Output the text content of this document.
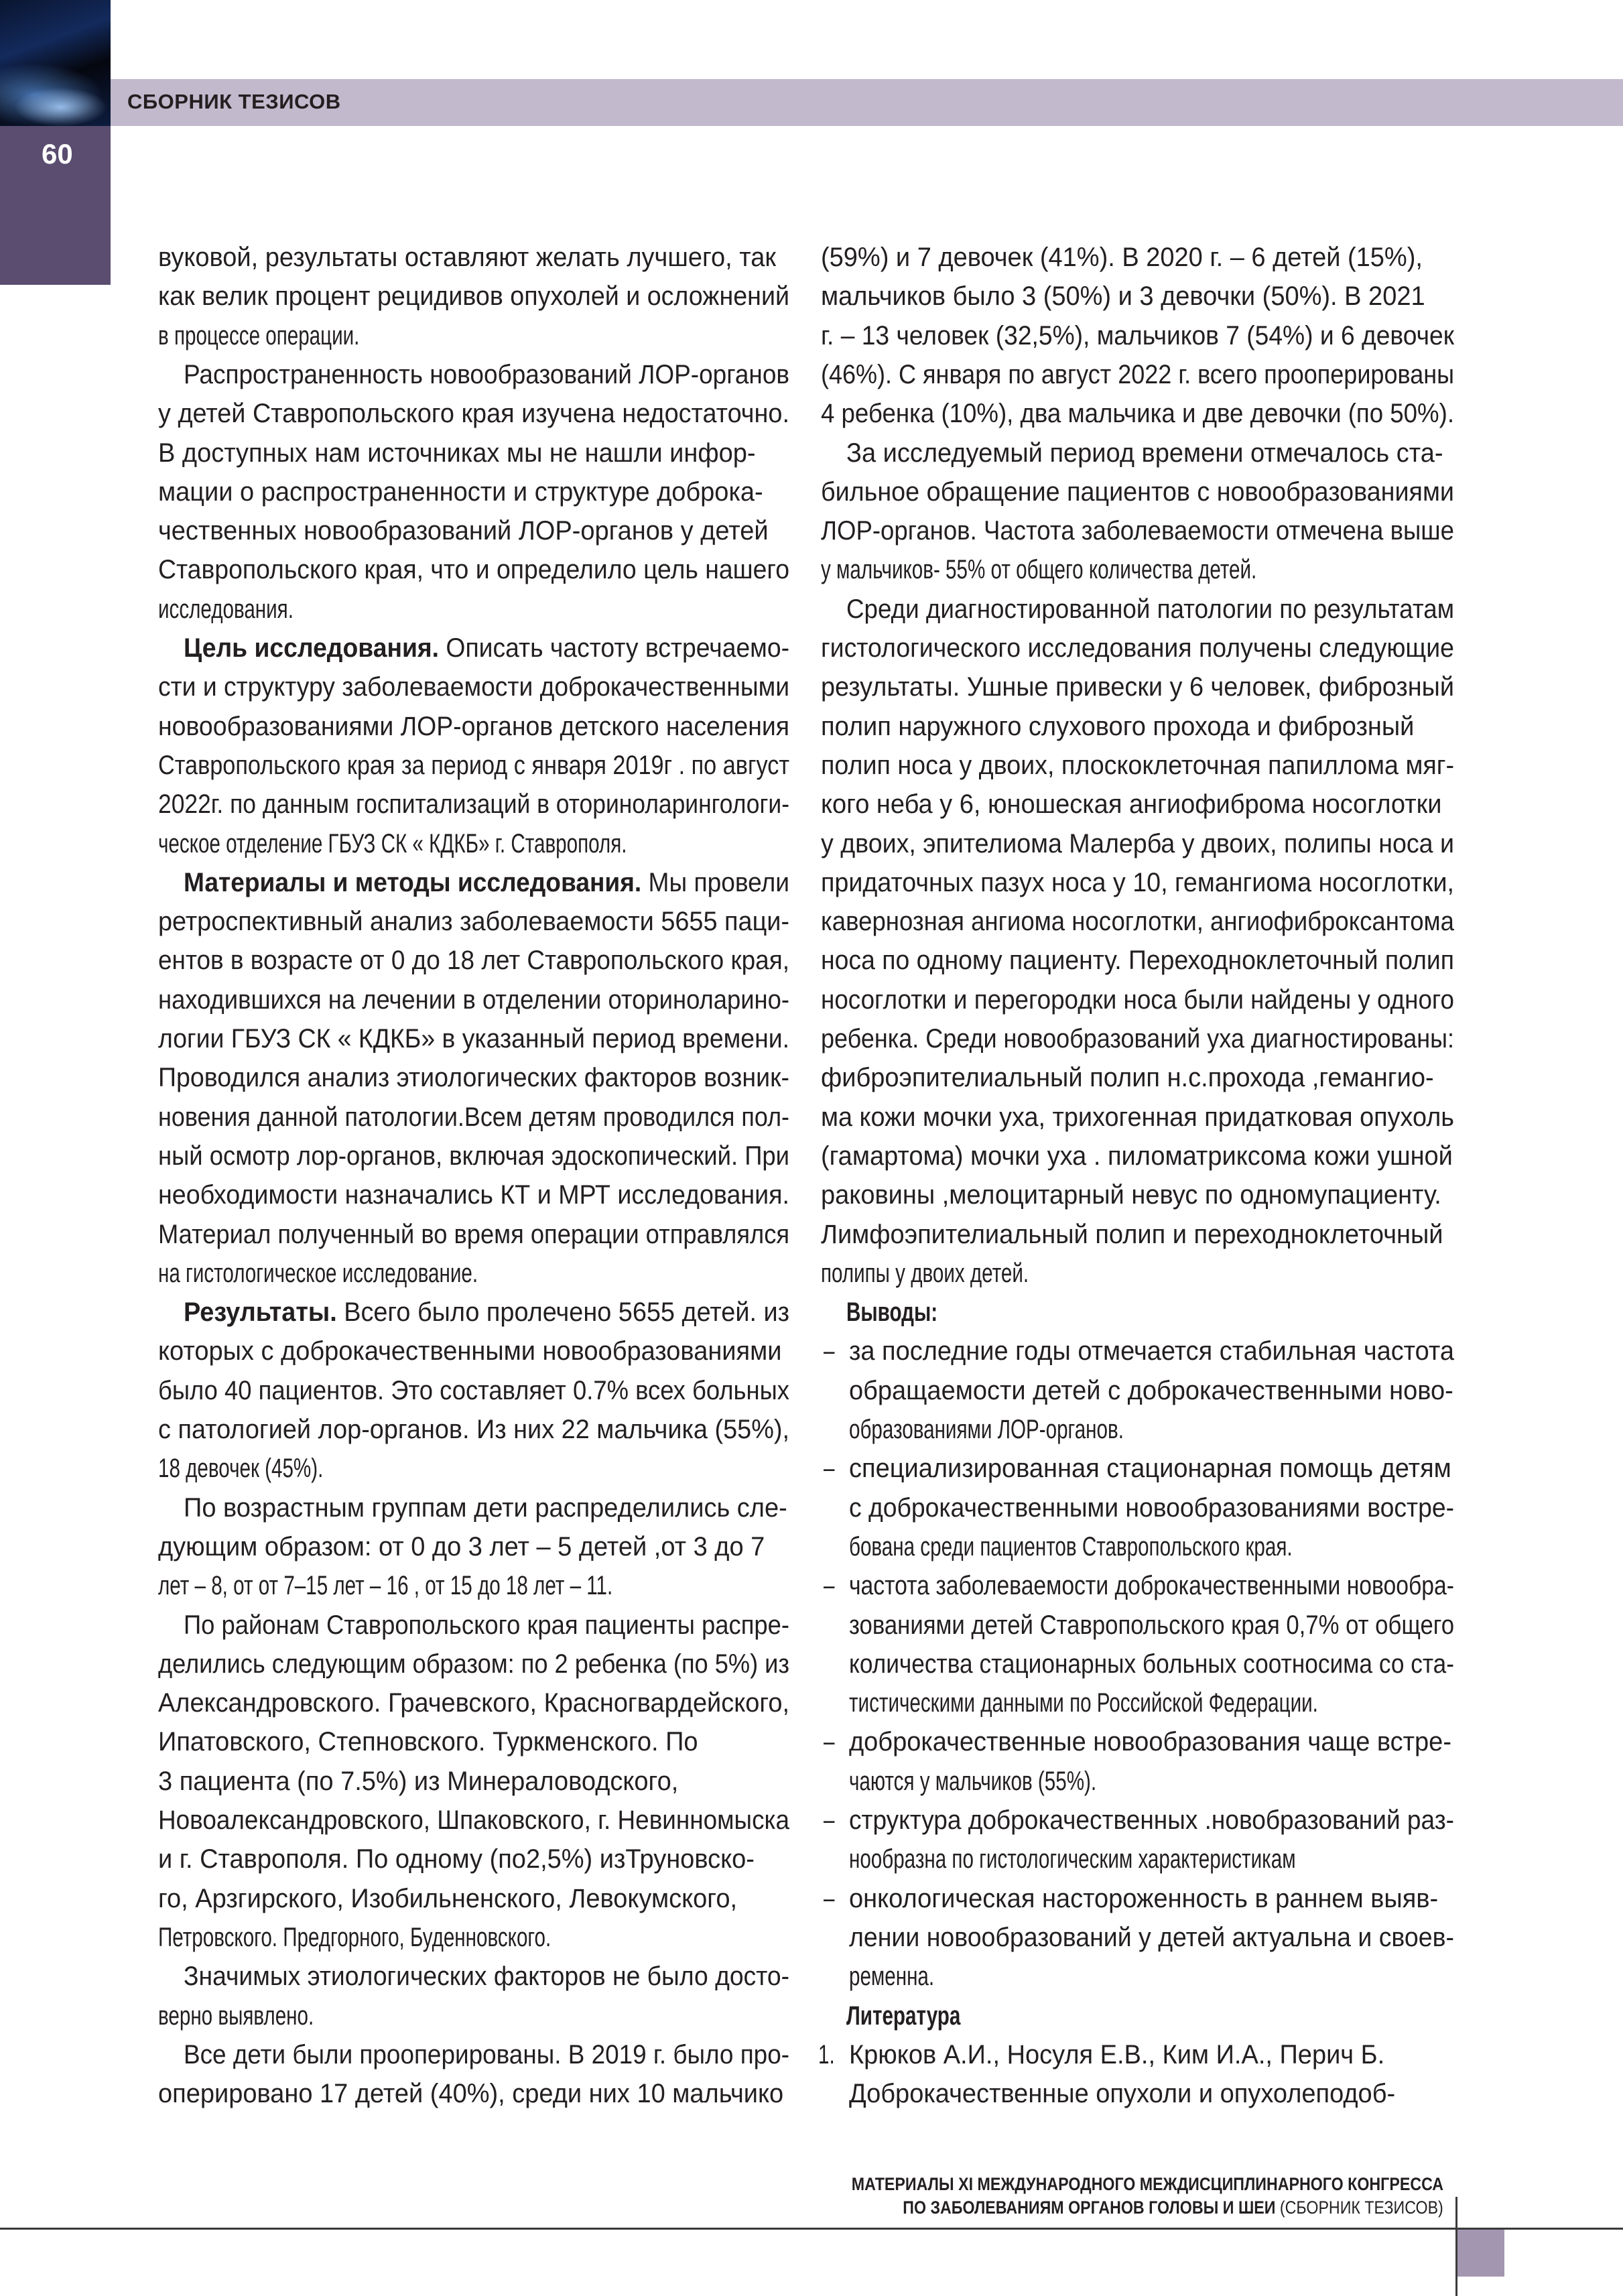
СБОРНИК ТЕЗИСОВ
60
вуковой, результаты оставляют желать лучшего, так
как велик процент рецидивов опухолей и осложнений
в процессе операции.
Распространенность новообразований ЛОР-органов
у детей Ставропольского края изучена недостаточно.
В доступных нам источниках мы не нашли инфор-
мации о распространенности и структуре доброка-
чественных новообразований ЛОР-органов у детей
Ставропольского края, что и определило цель нашего
исследования.
Цель исследования. Описать частоту встречаемо-
сти и структуру заболеваемости доброкачественными
новообразованиями ЛОР-органов детского населения
Ставропольского края за период с января 2019г . по август
2022г. по данным госпитализаций в оториноларингологи-
ческое отделение ГБУЗ СК « КДКБ» г. Ставрополя.
Материалы и методы исследования. Мы провели
ретроспективный анализ заболеваемости 5655 паци-
ентов в возрасте от 0 до 18 лет Ставропольского края,
находившихся на лечении в отделении оториноларино-
логии ГБУЗ СК « КДКБ» в указанный период времени.
Проводился анализ этиологических факторов возник-
новения данной патологии.Всем детям проводился пол-
ный осмотр лор-органов, включая эдоскопический. При
необходимости назначались КТ и МРТ исследования.
Материал полученный во время операции отправлялся
на гистологическое исследование.
Результаты. Всего было пролечено 5655 детей. из
которых с доброкачественными новообразованиями
было 40 пациентов. Это составляет 0.7% всех больных
с патологией лор-органов. Из них 22 мальчика (55%),
18 девочек (45%).
По возрастным группам дети распределились сле-
дующим образом: от 0 до 3 лет – 5 детей ,от 3 до 7
лет – 8, от от 7–15 лет – 16 , от 15 до 18 лет – 11.
По районам Ставропольского края пациенты распре-
делились следующим образом: по 2 ребенка (по 5%) из
Александровского. Грачевского, Красногвардейского,
Ипатовского, Степновского. Туркменского. По
3 пациента (по 7.5%) из Минераловодского,
Новоалександровского, Шпаковского, г. Невинномыска
и г. Ставрополя. По одному (по2,5%) изТруновско-
го, Арзгирского, Изобильненского, Левокумского,
Петровского. Предгорного, Буденновского.
Значимых этиологических факторов не было досто-
верно выявлено.
Все дети были прооперированы. В 2019 г. было про-
оперировано 17 детей (40%), среди них 10 мальчико
(59%) и 7 девочек (41%). В 2020 г. – 6 детей (15%),
мальчиков было 3 (50%) и 3 девочки (50%). В 2021
г. – 13 человек (32,5%), мальчиков 7 (54%) и 6 девочек
(46%). С января по август 2022 г. всего прооперированы
4 ребенка (10%), два мальчика и две девочки (по 50%).
За исследуемый период времени отмечалось ста-
бильное обращение пациентов с новообразованиями
ЛОР-органов. Частота заболеваемости отмечена выше
у мальчиков- 55% от общего количества детей.
Среди диагностированной патологии по результатам
гистологического исследования получены следующие
результаты. Ушные привески у 6 человек, фиброзный
полип наружного слухового прохода и фиброзный
полип носа у двоих, плоскоклеточная папиллома мяг-
кого неба у 6, юношеская ангиофиброма носоглотки
у двоих, эпителиома Малерба у двоих, полипы носа и
придаточных пазух носа у 10, гемангиома носоглотки,
кавернозная ангиома носоглотки, ангиофиброксантома
носа по одному пациенту. Переходноклеточный полип
носоглотки и перегородки носа были найдены у одного
ребенка. Среди новообразований уха диагностированы:
фиброэпителиальный полип н.с.прохода ,гемангио-
ма кожи мочки уха, трихогенная придатковая опухоль
(гамартома) мочки уха . пиломатриксома кожи ушной
раковины ,мелоцитарный невус по одномупациенту.
Лимфоэпителиальный полип и переходноклеточный
полипы у двоих детей.
Выводы:
– за последние годы отмечается стабильная частота
обращаемости детей с доброкачественными ново-
образованиями ЛОР-органов.
– специализированная стационарная помощь детям
с доброкачественными новообразованиями востре-
бована среди пациентов Ставропольского края.
– частота заболеваемости доброкачественными новообра-
зованиями детей Ставропольского края 0,7% от общего
количества стационарных больных соотносима со ста-
тистическими данными по Российской Федерации.
– доброкачественные новообразования чаще встре-
чаются у мальчиков (55%).
– структура доброкачественных .новобразований раз-
нообразна по гистологическим характеристикам
– онкологическая настороженность в раннем выяв-
лении новообразований у детей актуальна и своев-
ременна.
Литература
1. Крюков А.И., Носуля Е.В., Ким И.А., Перич Б.
Доброкачественные опухоли и опухолеподоб-
МАТЕРИАЛЫ XI МЕЖДУНАРОДНОГО МЕЖДИСЦИПЛИНАРНОГО КОНГРЕССА
ПО ЗАБОЛЕВАНИЯМ ОРГАНОВ ГОЛОВЫ И ШЕИ (СБОРНИК ТЕЗИСОВ)
